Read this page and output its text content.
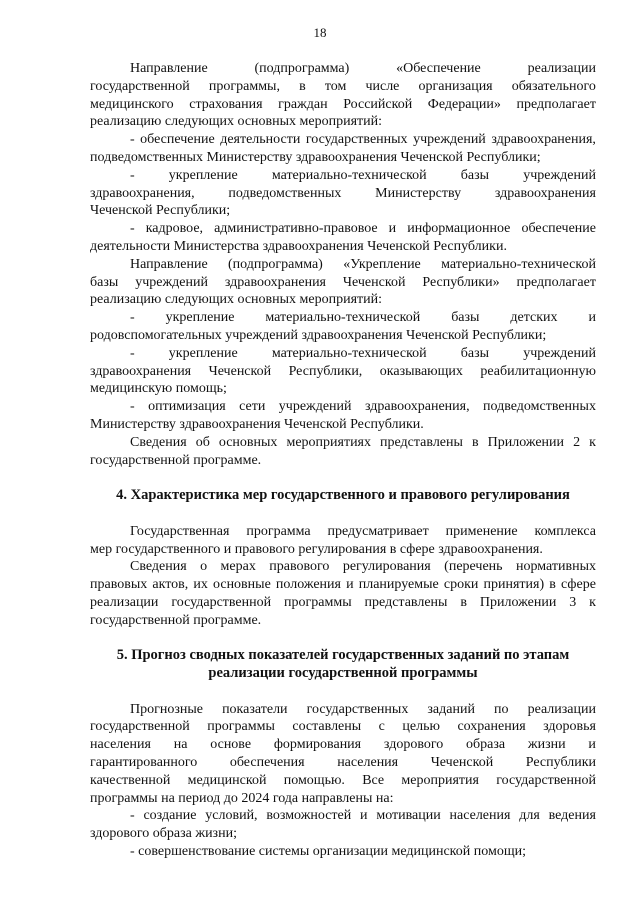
18
Направление	(подпрограмма)	«Обеспечение	реализации
государственной программы, в том числе организация обязательного
медицинского страхования граждан Российской Федерации» предполагает
реализацию следующих основных мероприятий:
- обеспечение деятельности государственных учреждений здравоохранения,
подведомственных Министерству здравоохранения Чеченской Республики;
- укрепление материально-технической базы учреждений
здравоохранения, подведомственных Министерству здравоохранения
Чеченской Республики;
- кадровое, административно-правовое и информационное обеспечение
деятельности Министерства здравоохранения Чеченской Республики.
Направление (подпрограмма) «Укрепление материально-технической
базы учреждений здравоохранения Чеченской Республики» предполагает
реализацию следующих основных мероприятий:
- укрепление материально-технической базы детских и
родовспомогательных учреждений здравоохранения Чеченской Республики;
- укрепление материально-технической базы учреждений
здравоохранения Чеченской Республики, оказывающих реабилитационную
медицинскую помощь;
- оптимизация сети учреждений здравоохранения, подведомственных
Министерству здравоохранения Чеченской Республики.
Сведения об основных мероприятиях представлены в Приложении 2 к
государственной программе.
4. Характеристика мер государственного и правового регулирования
Государственная программа предусматривает применение комплекса
мер государственного и правового регулирования в сфере здравоохранения.
Сведения о мерах правового регулирования (перечень нормативных
правовых актов, их основные положения и планируемые сроки принятия) в сфере
реализации государственной программы представлены в Приложении 3 к
государственной программе.
5. Прогноз сводных показателей государственных заданий по этапам
реализации государственной программы
Прогнозные показатели государственных заданий по реализации
государственной программы составлены с целью сохранения здоровья
населения на основе формирования здорового образа жизни и
гарантированного обеспечения населения Чеченской Республики
качественной медицинской помощью. Все мероприятия государственной
программы на период до 2024 года направлены на:
- создание условий, возможностей и мотивации населения для ведения
здорового образа жизни;
- совершенствование системы организации медицинской помощи;
